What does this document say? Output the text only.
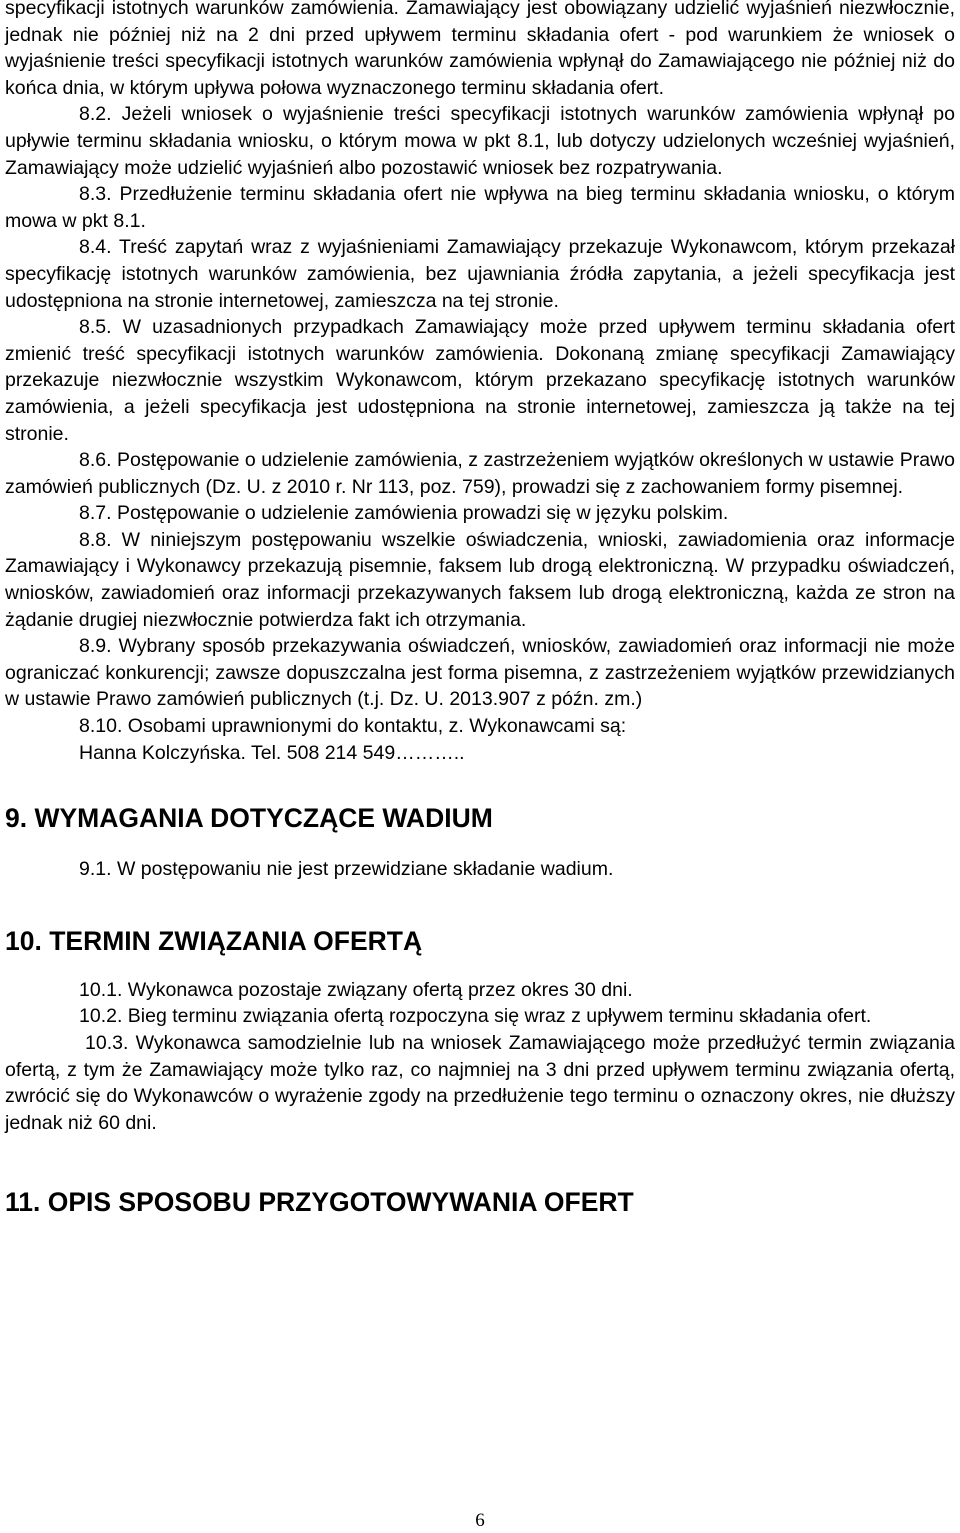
specyfikacji istotnych warunków zamówienia. Zamawiający jest obowiązany udzielić wyjaśnień niezwłocznie, jednak nie później niż na 2 dni przed upływem terminu składania ofert - pod warunkiem że wniosek o wyjaśnienie treści specyfikacji istotnych warunków zamówienia wpłynął do Zamawiającego nie później niż do końca dnia, w którym upływa połowa wyznaczonego terminu składania ofert.

8.2. Jeżeli wniosek o wyjaśnienie treści specyfikacji istotnych warunków zamówienia wpłynął po upływie terminu składania wniosku, o którym mowa w pkt 8.1, lub dotyczy udzielonych wcześniej wyjaśnień, Zamawiający może udzielić wyjaśnień albo pozostawić wniosek bez rozpatrywania.

8.3. Przedłużenie terminu składania ofert nie wpływa na bieg terminu składania wniosku, o którym mowa w pkt 8.1.

8.4. Treść zapytań wraz z wyjaśnieniami Zamawiający przekazuje Wykonawcom, którym przekazał specyfikację istotnych warunków zamówienia, bez ujawniania źródła zapytania, a jeżeli specyfikacja jest udostępniona na stronie internetowej, zamieszcza na tej stronie.

8.5. W uzasadnionych przypadkach Zamawiający może przed upływem terminu składania ofert zmienić treść specyfikacji istotnych warunków zamówienia. Dokonaną zmianę specyfikacji Zamawiający przekazuje niezwłocznie wszystkim Wykonawcom, którym przekazano specyfikację istotnych warunków zamówienia, a jeżeli specyfikacja jest udostępniona na stronie internetowej, zamieszcza ją także na tej stronie.

8.6. Postępowanie o udzielenie zamówienia, z zastrzeżeniem wyjątków określonych w ustawie Prawo zamówień publicznych (Dz. U. z 2010 r. Nr 113, poz. 759), prowadzi się z zachowaniem formy pisemnej.

8.7. Postępowanie o udzielenie zamówienia prowadzi się w języku polskim.

8.8. W niniejszym postępowaniu wszelkie oświadczenia, wnioski, zawiadomienia oraz informacje Zamawiający i Wykonawcy przekazują pisemnie, faksem lub drogą elektroniczną. W przypadku oświadczeń, wniosków, zawiadomień oraz informacji przekazywanych faksem lub drogą elektroniczną, każda ze stron na żądanie drugiej niezwłocznie potwierdza fakt ich otrzymania.

8.9. Wybrany sposób przekazywania oświadczeń, wniosków, zawiadomień oraz informacji nie może ograniczać konkurencji; zawsze dopuszczalna jest forma pisemna, z zastrzeżeniem wyjątków przewidzianych w ustawie Prawo zamówień publicznych (t.j. Dz. U. 2013.907 z późn. zm.)

8.10. Osobami uprawnionymi do kontaktu, z. Wykonawcami są:

Hanna Kolczyńska. Tel. 508 214 549………..

9. WYMAGANIA DOTYCZĄCE WADIUM

9.1. W postępowaniu nie jest przewidziane składanie wadium.

10. TERMIN ZWIĄZANIA OFERTĄ

10.1. Wykonawca pozostaje związany ofertą przez okres 30 dni.

10.2. Bieg terminu związania ofertą rozpoczyna się wraz z upływem terminu składania ofert.

10.3. Wykonawca samodzielnie lub na wniosek Zamawiającego może przedłużyć termin związania ofertą, z tym że Zamawiający może tylko raz, co najmniej na 3 dni przed upływem terminu związania ofertą, zwrócić się do Wykonawców o wyrażenie zgody na przedłużenie tego terminu o oznaczony okres, nie dłuższy jednak niż 60 dni.

11. OPIS SPOSOBU PRZYGOTOWYWANIA OFERT
6
